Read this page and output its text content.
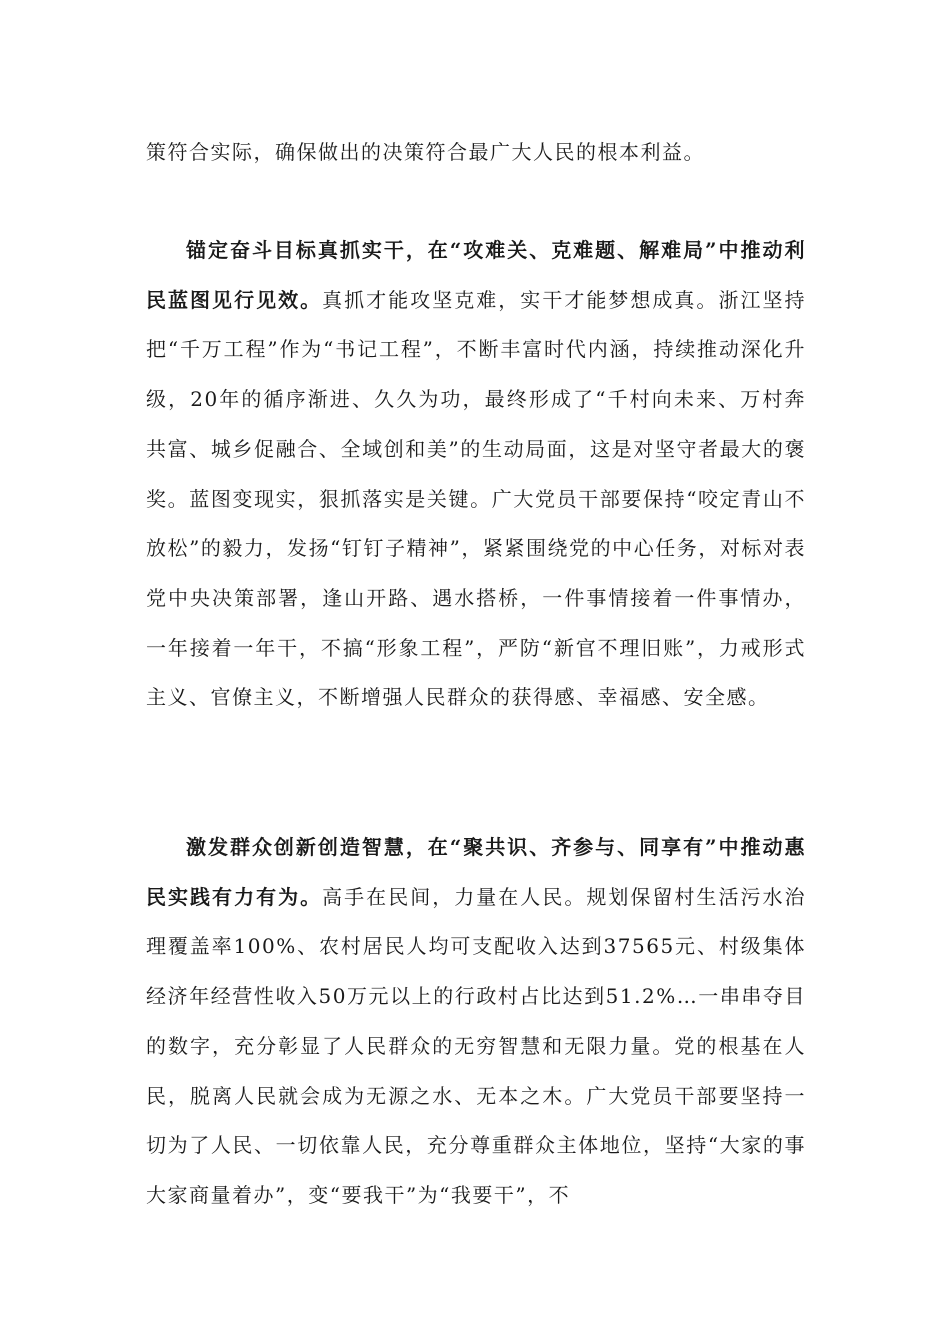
策符合实际，确保做出的决策符合最广大人民的根本利益。

锚定奋斗目标真抓实干，在“攻难关、克难题、解难局”中推动利民蓝图见行见效。真抓才能攻坚克难，实干才能梦想成真。浙江坚持把“千万工程”作为“书记工程”，不断丰富时代内涵，持续推动深化升级，20年的循序渐进、久久为功，最终形成了“千村向未来、万村奔共富、城乡促融合、全域创和美”的生动局面，这是对坚守者最大的褒奖。蓝图变现实，狠抓落实是关键。广大党员干部要保持“咬定青山不放松”的毅力，发扬“钉钉子精神”，紧紧围绕党的中心任务，对标对表党中央决策部署，逢山开路、遇水搭桥，一件事情接着一件事情办，一年接着一年干，不搞“形象工程”，严防“新官不理旧账”，力戒形式主义、官僚主义，不断增强人民群众的获得感、幸福感、安全感。

激发群众创新创造智慧，在“聚共识、齐参与、同享有”中推动惠民实践有力有为。高手在民间，力量在人民。规划保留村生活污水治理覆盖率100%、农村居民人均可支配收入达到37565元、村级集体经济年经营性收入50万元以上的行政村占比达到51.2%…一串串夺目的数字，充分彰显了人民群众的无穷智慧和无限力量。党的根基在人民，脱离人民就会成为无源之水、无本之木。广大党员干部要坚持一切为了人民、一切依靠人民，充分尊重群众主体地位，坚持“大家的事大家商量着办”，变“要我干”为“我要干”，不
